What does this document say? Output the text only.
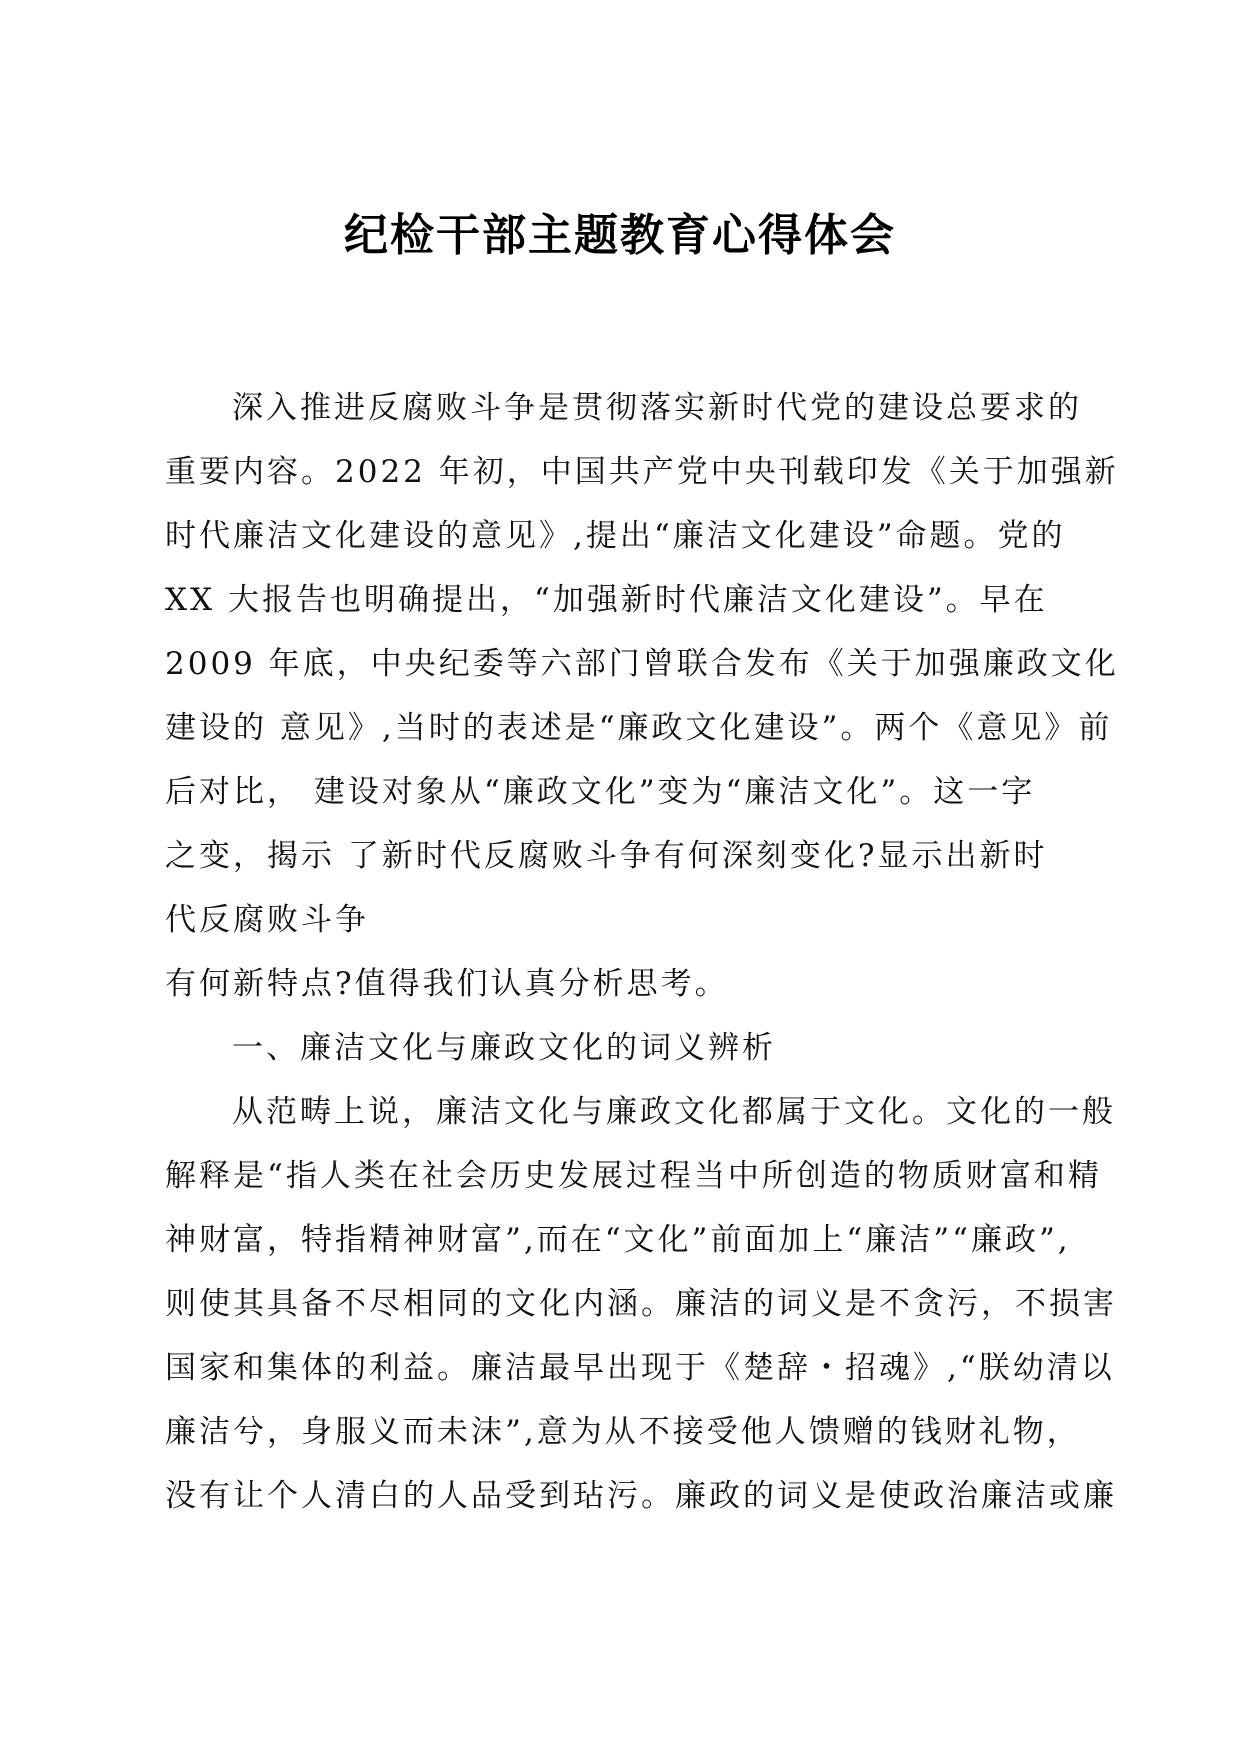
纪检干部主题教育心得体会
深入推进反腐败斗争是贯彻落实新时代党的建设总要求的
重要内容。2022 年初，中国共产党中央刊载印发《关于加强新
时代廉洁文化建设的意见》,提出“廉洁文化建设”命题。党的
XX 大报告也明确提出，“加强新时代廉洁文化建设”。早在
2009 年底，中央纪委等六部门曾联合发布《关于加强廉政文化
建设的 意见》,当时的表述是“廉政文化建设”。两个《意见》前
后对比， 建设对象从“廉政文化”变为“廉洁文化”。这一字
之变，揭示 了新时代反腐败斗争有何深刻变化?显示出新时
代反腐败斗争
有何新特点?值得我们认真分析思考。
一、廉洁文化与廉政文化的词义辨析
从范畴上说，廉洁文化与廉政文化都属于文化。文化的一般
解释是“指人类在社会历史发展过程当中所创造的物质财富和精
神财富，特指精神财富”,而在“文化”前面加上“廉洁”“廉政”,
则使其具备不尽相同的文化内涵。廉洁的词义是不贪污，不损害
国家和集体的利益。廉洁最早出现于《楚辞・招魂》,“朕幼清以
廉洁兮，身服义而未沫”,意为从不接受他人馈赠的钱财礼物，
没有让个人清白的人品受到玷污。廉政的词义是使政治廉洁或廉
